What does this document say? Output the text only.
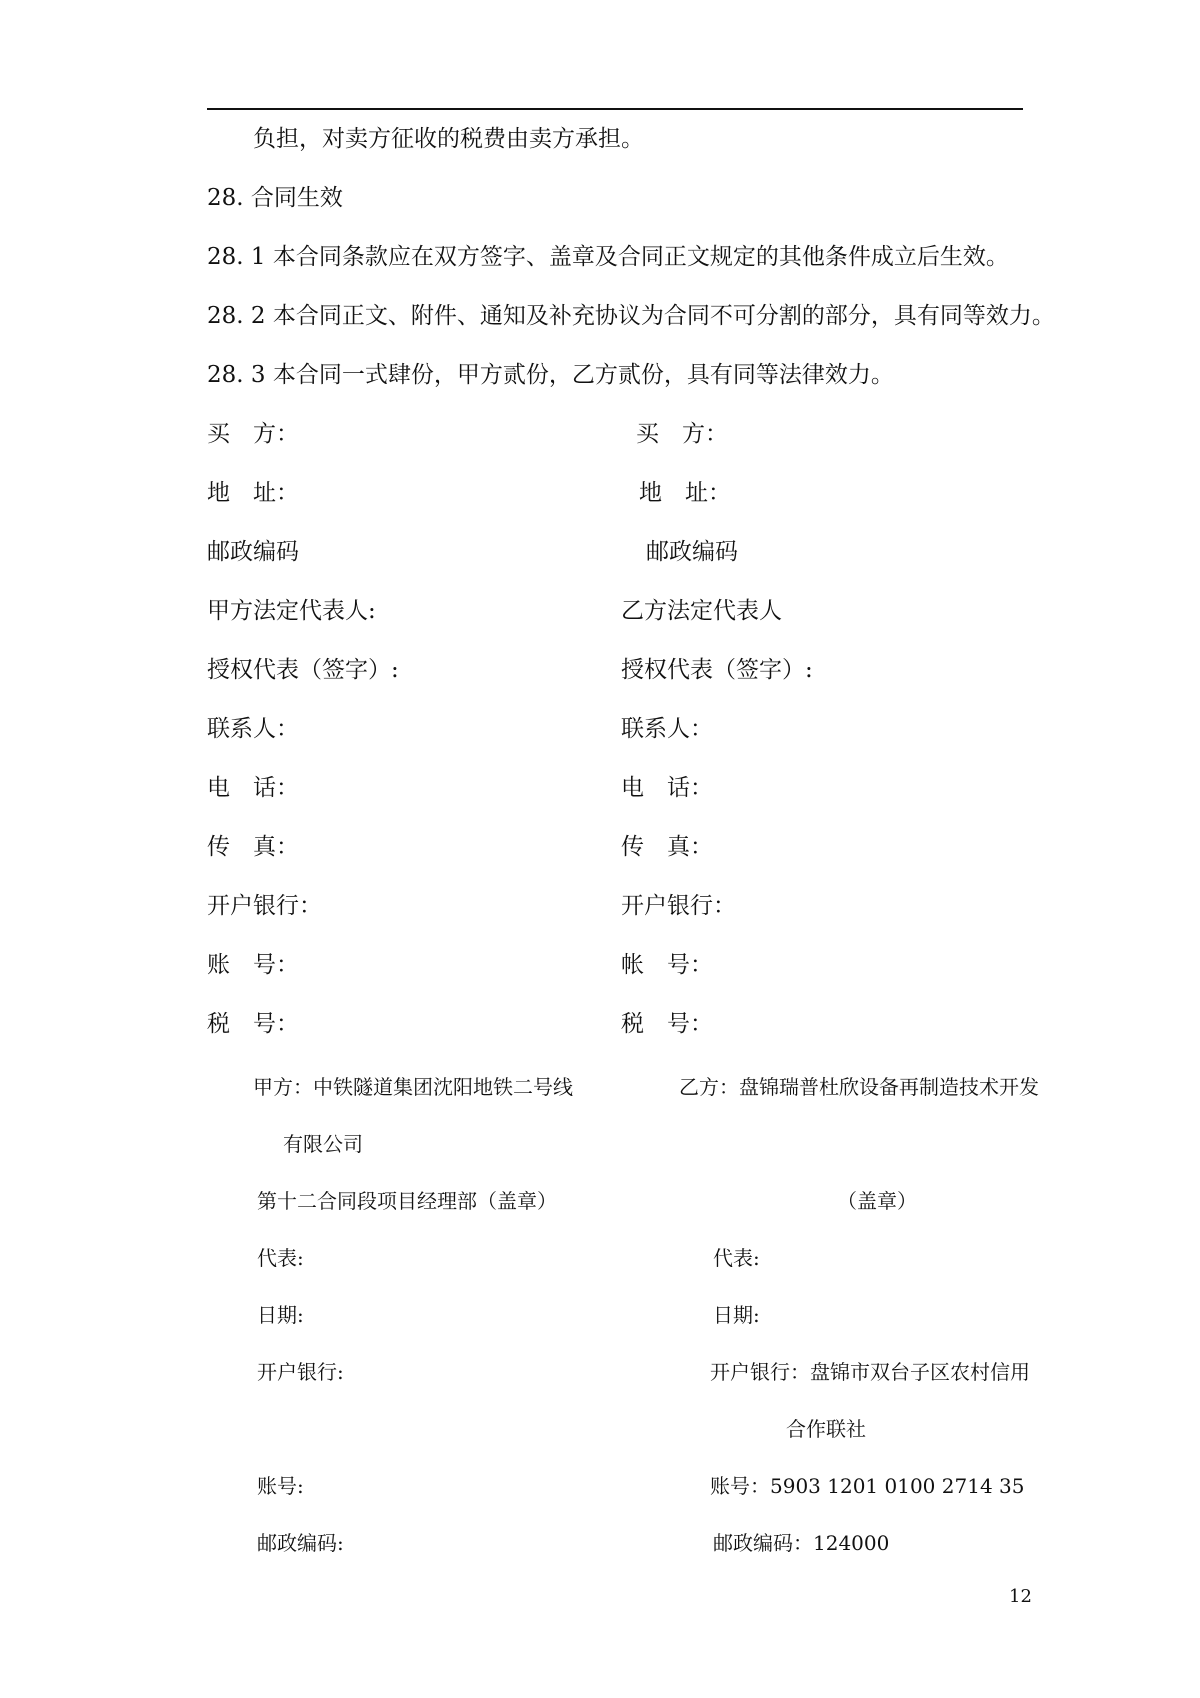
负担，对卖方征收的税费由卖方承担。
28. 合同生效
28. 1 本合同条款应在双方签字、盖章及合同正文规定的其他条件成立后生效。
28. 2 本合同正文、附件、通知及补充协议为合同不可分割的部分，具有同等效力。
28. 3 本合同一式肆份，甲方贰份，乙方贰份，具有同等法律效力。
买　方：
地　址：
邮政编码
甲方法定代表人:
授权代表（签字）:
联系人：
电　话：
传　真：
开户银行：
账　号：
税　号：
买　方：
地　址：
邮政编码
乙方法定代表人
授权代表（签字）:
联系人：
电　话：
传　真：
开户银行：
帐　号：
税　号：
甲方：中铁隧道集团沈阳地铁二号线
有限公司
第十二合同段项目经理部（盖章）
代表:
日期:
开户银行:
账号:
邮政编码:
乙方：盘锦瑞普杜欣设备再制造技术开发
（盖章）
代表:
日期:
开户银行：盘锦市双台子区农村信用
合作联社
账号：5903 1201 0100 2714 35
邮政编码：124000
12
